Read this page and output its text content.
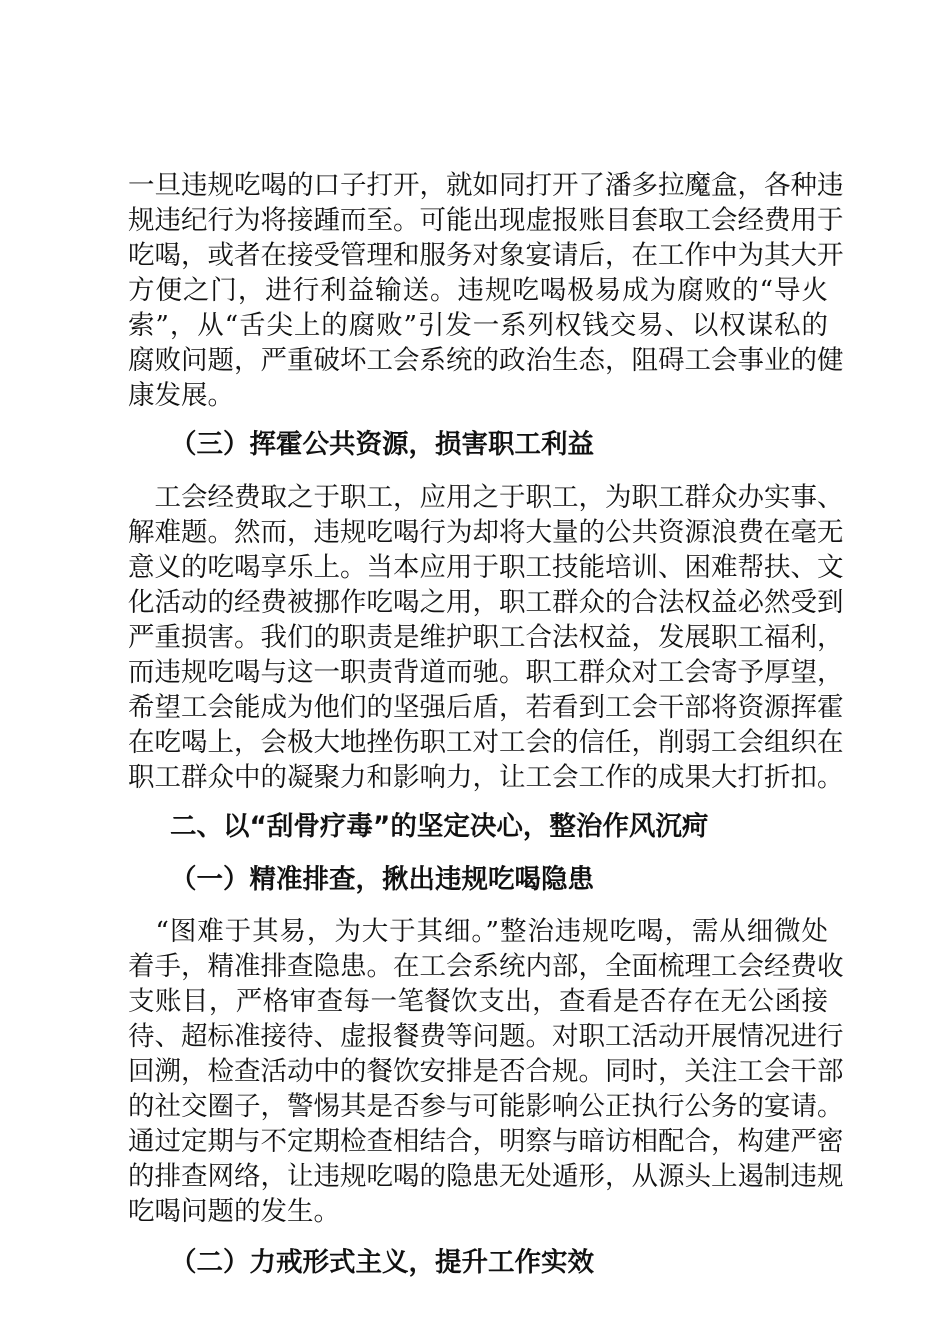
一旦违规吃喝的口子打开，就如同打开了潘多拉魔盒，各种违
规违纪行为将接踵而至。可能出现虚报账目套取工会经费用于
吃喝，或者在接受管理和服务对象宴请后，在工作中为其大开
方便之门，进行利益输送。违规吃喝极易成为腐败的“导火
索”，从“舌尖上的腐败”引发一系列权钱交易、以权谋私的
腐败问题，严重破坏工会系统的政治生态，阻碍工会事业的健
康发展。
（三）挥霍公共资源，损害职工利益
　工会经费取之于职工，应用之于职工，为职工群众办实事、
解难题。然而，违规吃喝行为却将大量的公共资源浪费在毫无
意义的吃喝享乐上。当本应用于职工技能培训、困难帮扶、文
化活动的经费被挪作吃喝之用，职工群众的合法权益必然受到
严重损害。我们的职责是维护职工合法权益，发展职工福利，
而违规吃喝与这一职责背道而驰。职工群众对工会寄予厚望，
希望工会能成为他们的坚强后盾，若看到工会干部将资源挥霍
在吃喝上，会极大地挫伤职工对工会的信任，削弱工会组织在
职工群众中的凝聚力和影响力，让工会工作的成果大打折扣。
二、以“刮骨疗毒”的坚定决心，整治作风沉疴
（一）精准排查，揪出违规吃喝隐患
　“图难于其易，为大于其细。”整治违规吃喝，需从细微处
着手，精准排查隐患。在工会系统内部，全面梳理工会经费收
支账目，严格审查每一笔餐饮支出，查看是否存在无公函接
待、超标准接待、虚报餐费等问题。对职工活动开展情况进行
回溯，检查活动中的餐饮安排是否合规。同时，关注工会干部
的社交圈子，警惕其是否参与可能影响公正执行公务的宴请。
通过定期与不定期检查相结合，明察与暗访相配合，构建严密
的排查网络，让违规吃喝的隐患无处遁形，从源头上遏制违规
吃喝问题的发生。
（二）力戒形式主义，提升工作实效
